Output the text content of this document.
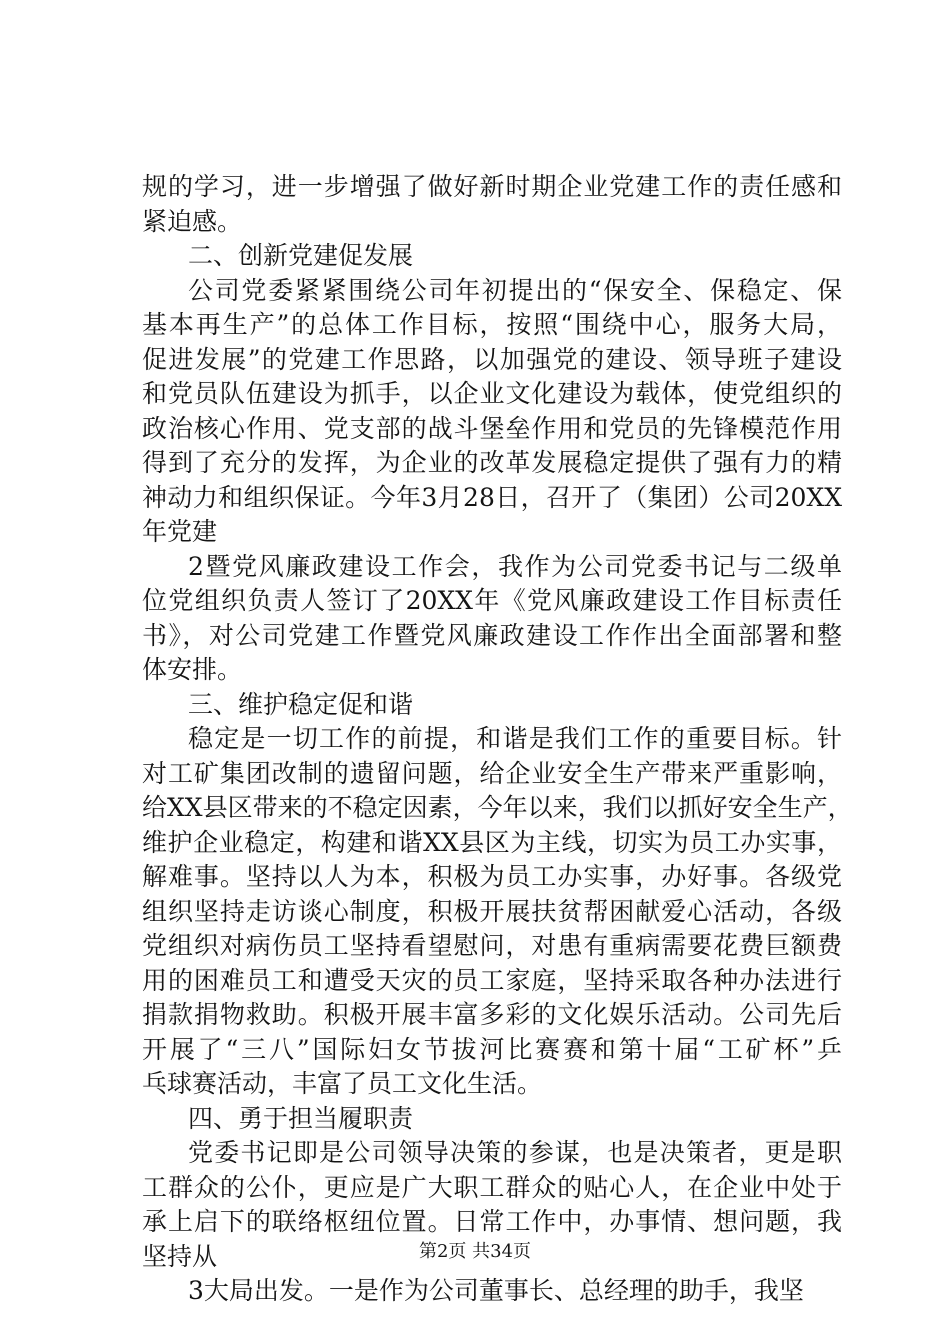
规的学习，进一步增强了做好新时期企业党建工作的责任感和
紧迫感。
二、创新党建促发展
公司党委紧紧围绕公司年初提出的“保安全、保稳定、保
基本再生产”的总体工作目标，按照“围绕中心，服务大局，
促进发展”的党建工作思路，以加强党的建设、领导班子建设
和党员队伍建设为抓手，以企业文化建设为载体，使党组织的
政治核心作用、党支部的战斗堡垒作用和党员的先锋模范作用
得到了充分的发挥，为企业的改革发展稳定提供了强有力的精
神动力和组织保证。今年3月28日，召开了（集团）公司20XX
年党建
2暨党风廉政建设工作会，我作为公司党委书记与二级单
位党组织负责人签订了20XX年《党风廉政建设工作目标责任
书》，对公司党建工作暨党风廉政建设工作作出全面部署和整
体安排。
三、维护稳定促和谐
稳定是一切工作的前提，和谐是我们工作的重要目标。针
对工矿集团改制的遗留问题，给企业安全生产带来严重影响，
给XX县区带来的不稳定因素，今年以来，我们以抓好安全生产，
维护企业稳定，构建和谐XX县区为主线，切实为员工办实事，
解难事。坚持以人为本，积极为员工办实事，办好事。各级党
组织坚持走访谈心制度，积极开展扶贫帮困献爱心活动，各级
党组织对病伤员工坚持看望慰问，对患有重病需要花费巨额费
用的困难员工和遭受天灾的员工家庭，坚持采取各种办法进行
捐款捐物救助。积极开展丰富多彩的文化娱乐活动。公司先后
开展了“三八”国际妇女节拔河比赛赛和第十届“工矿杯”乒
乓球赛活动，丰富了员工文化生活。
四、勇于担当履职责
党委书记即是公司领导决策的参谋，也是决策者，更是职
工群众的公仆，更应是广大职工群众的贴心人，在企业中处于
承上启下的联络枢纽位置。日常工作中，办事情、想问题，我
坚持从
3大局出发。一是作为公司董事长、总经理的助手，我坚
第2页 共34页
